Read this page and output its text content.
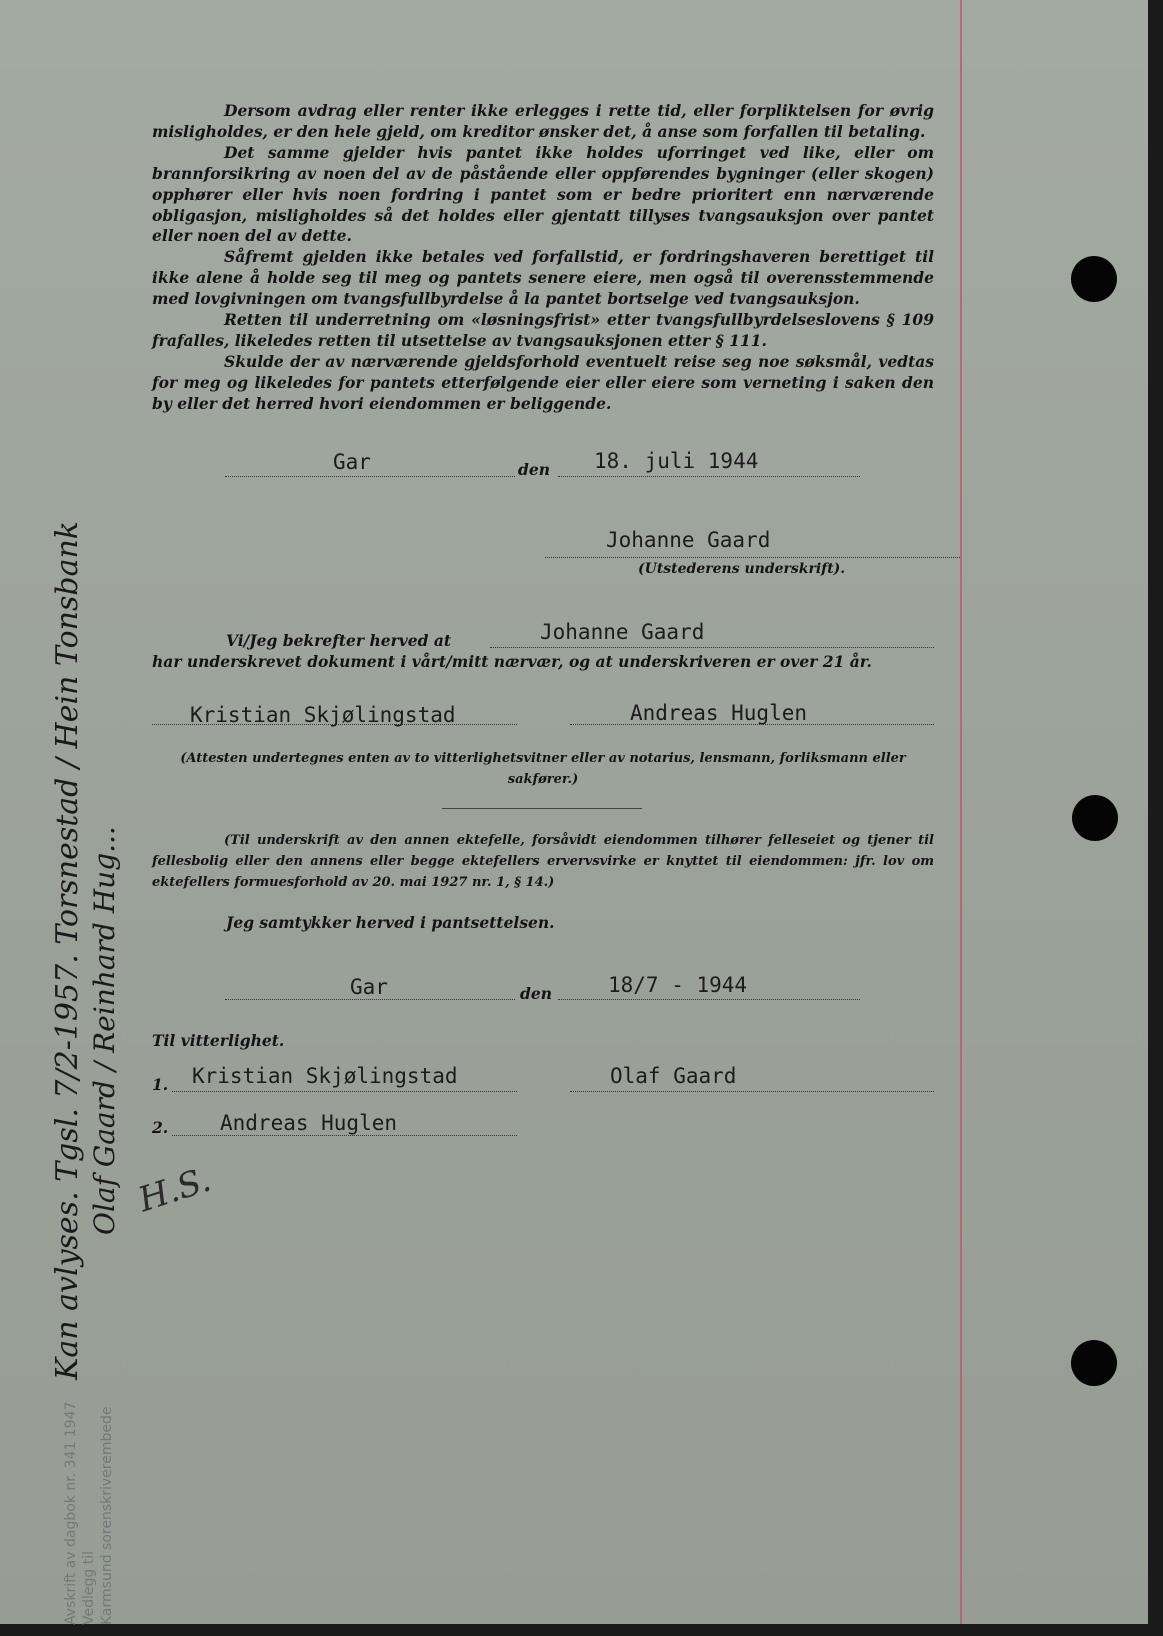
Dersom avdrag eller renter ikke erlegges i rette tid, eller forpliktelsen for øvrig misligholdes, er den hele gjeld, om kreditor ønsker det, å anse som forfallen til betaling.

Det samme gjelder hvis pantet ikke holdes uforringet ved like, eller om brannforsikring av noen del av de påstående eller oppførendes bygninger (eller skogen) opphører eller hvis noen fordring i pantet som er bedre prioritert enn nærværende obligasjon, misligholdes så det holdes eller gjentatt tillyses tvangsauksjon over pantet eller noen del av dette.

Såfremt gjelden ikke betales ved forfallstid, er fordringshaveren berettiget til ikke alene å holde seg til meg og pantets senere eiere, men også til overensstemmende med lovgivningen om tvangsfullbyrdelse å la pantet bortselge ved tvangsauksjon.

Retten til underretning om «løsningsfrist» etter tvangsfullbyrdelseslovens § 109 frafalles, likeledes retten til utsettelse av tvangsauksjonen etter § 111.

Skulde der av nærværende gjeldsforhold eventuelt reise seg noe søksmål, vedtas for meg og likeledes for pantets etterfølgende eier eller eiere som verneting i saken den by eller det herred hvori eiendommen er beliggende.

Gar	den 18. juli 1944
Johanne Gaard
(Utstederens underskrift).
Vi/Jeg bekrefter herved at	Johanne Gaard
har underskrevet dokument i vårt/mitt nærvær, og at underskriveren er over 21 år.
Kristian Skjølingstad	Andreas Huglen
(Attesten undertegnes enten av to vitterlighetsvitner eller av notarius, lensmann, forliksmann eller sakfører.)
(Til underskrift av den annen ektefelle, forsåvidt eiendommen tilhører felleseiet og tjener til fellesbolig eller den annens eller begge ektefellers ervervsvirke er knyttet til eiendommen: jfr. lov om ektefellers formuesforhold av 20. mai 1927 nr. 1, § 14.)
Jeg samtykker herved i pantsettelsen.
Gar	den	18/7 - 1944
Til vitterlighet.
1. Kristian Skjølingstad	Olaf Gaard
2. Andreas Huglen
Avskrift av dagbok nr. 341 1947 Vedlegg til Karmsund sorenskriverembede
Kan avlyses. Tgsl. 7/2-1957. Torsnestad / Hein Tonsbank Olaf Gaard / Reinhard Hug... H.S.
